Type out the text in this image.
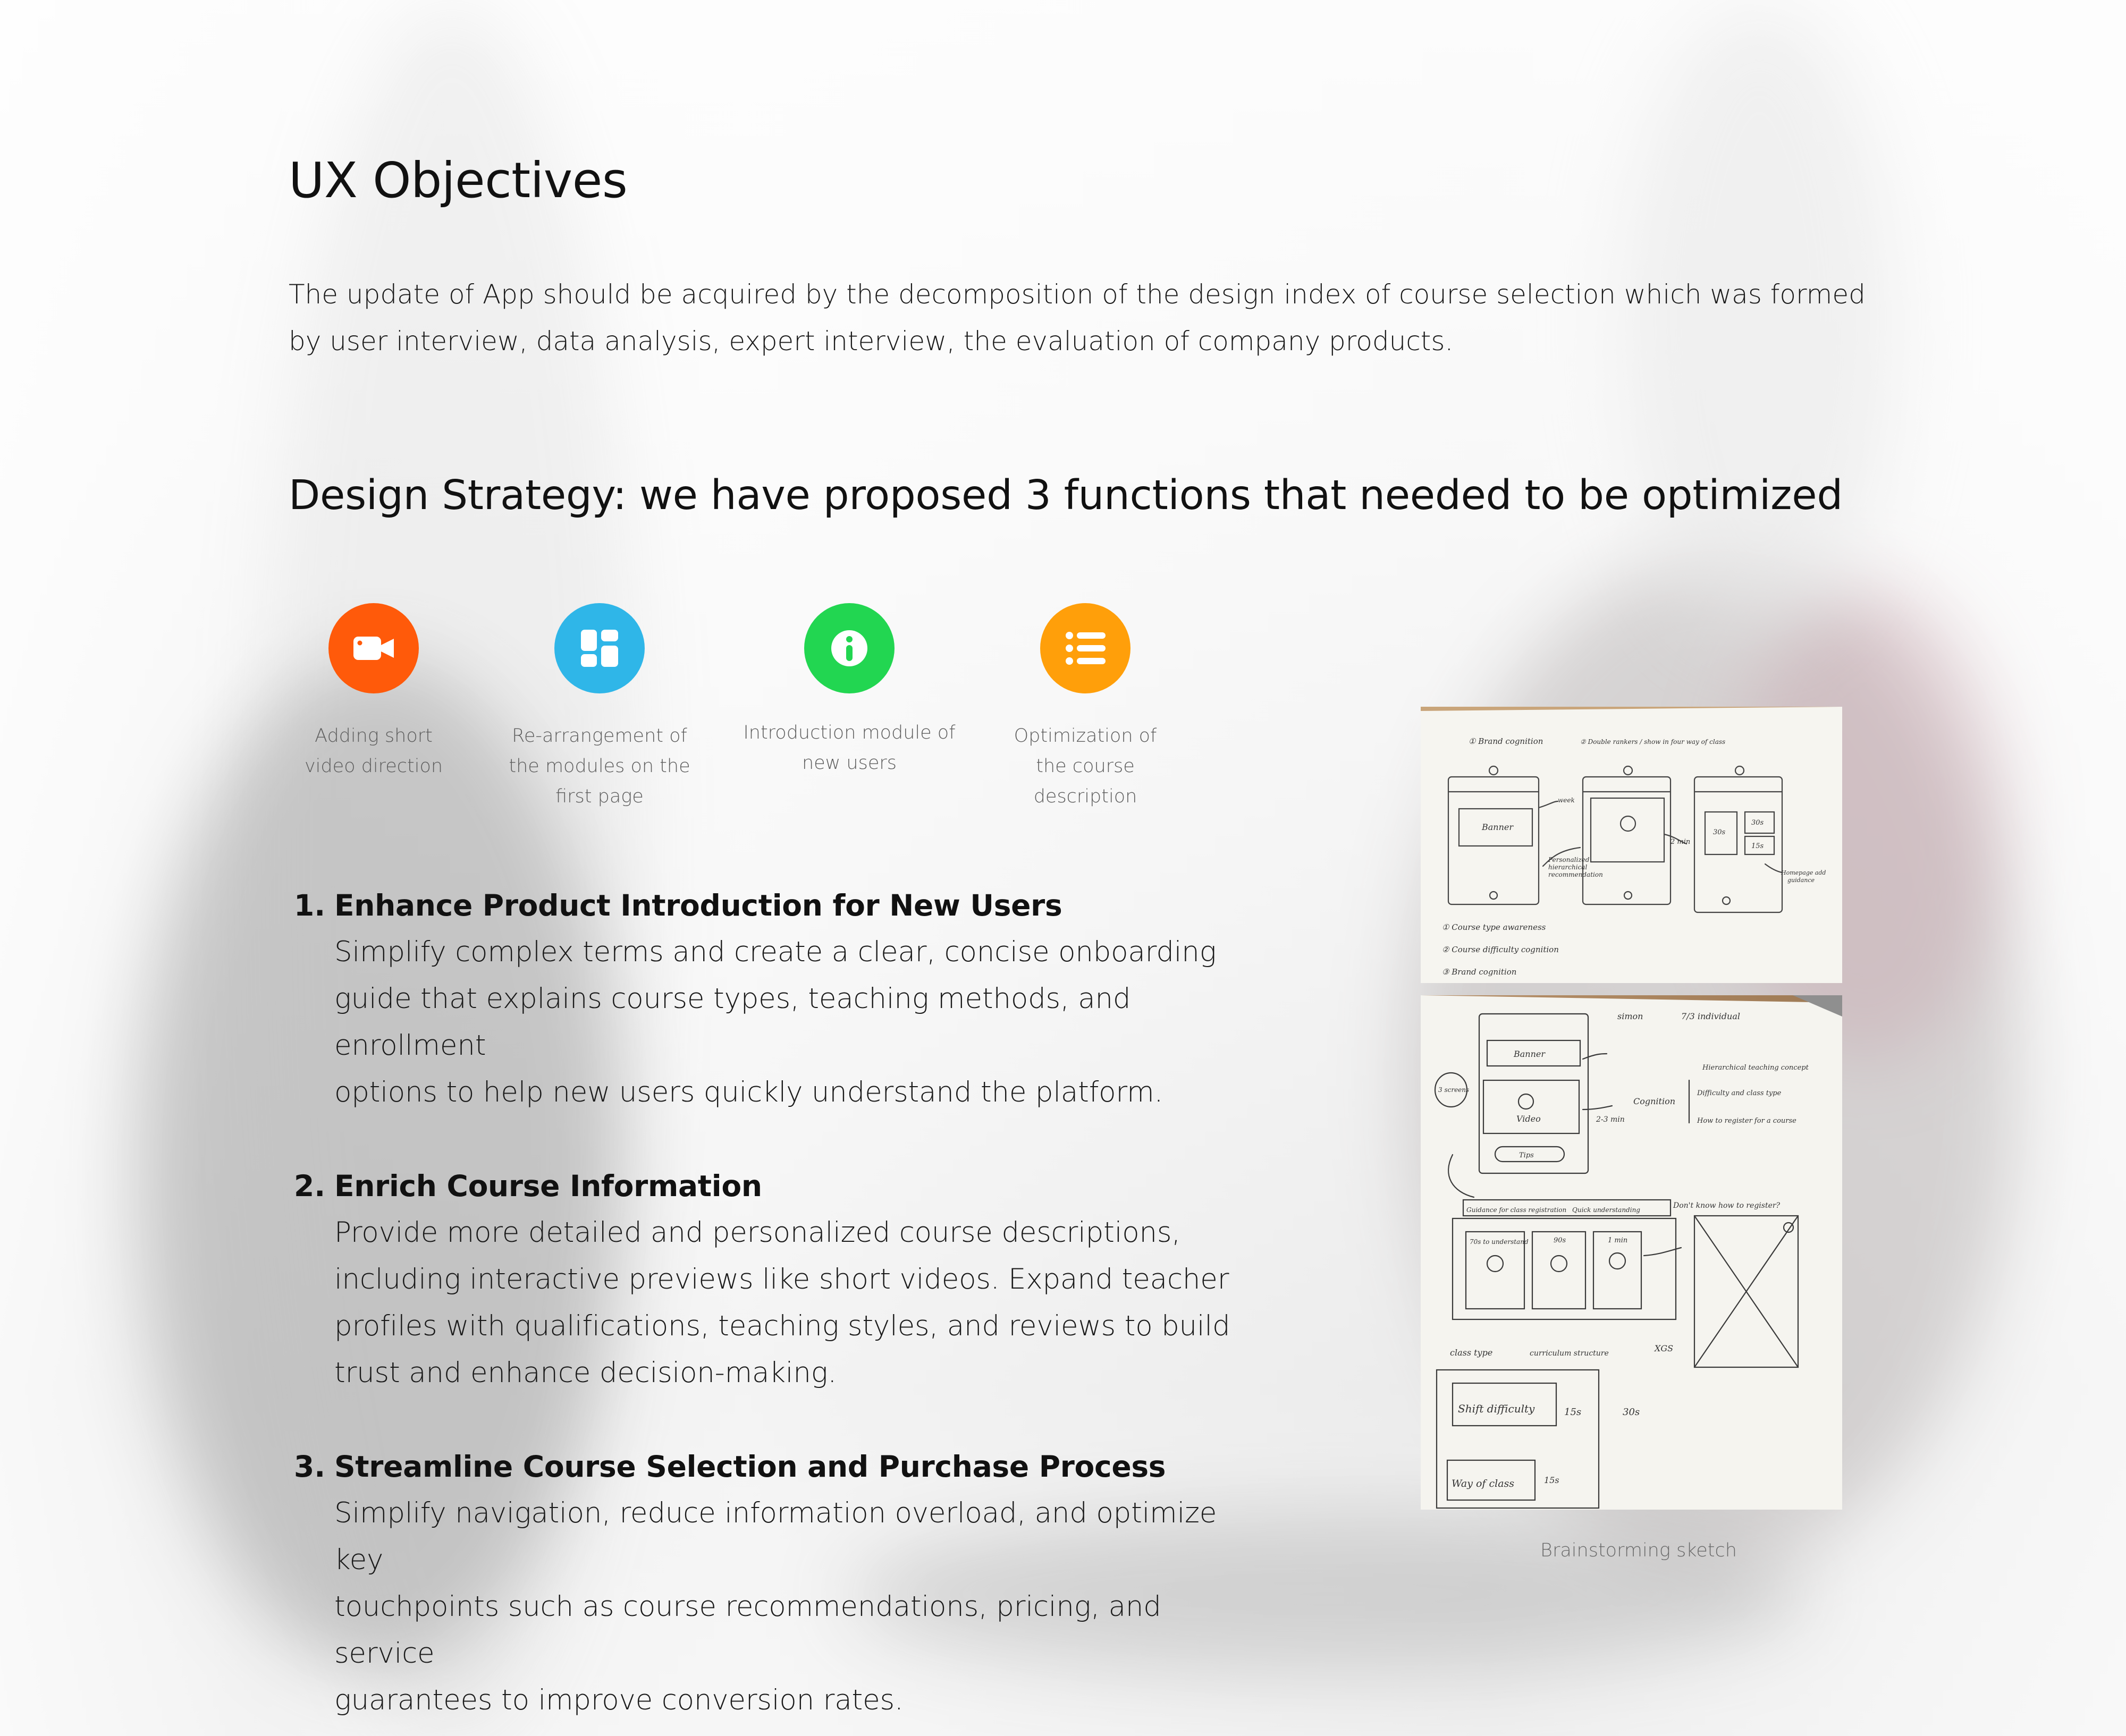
UX Objectives

The update of App should be acquired by the decomposition of the design index of course selection which was formed by user interview, data analysis, expert interview, the evaluation of company products.

Design Strategy: we have proposed 3 functions that needed to be optimized
Adding short
video direction
Re-arrangement of
the modules on the
first page
Introduction module of
new users
Optimization of
the course
description
1. Enhance Product Introduction for New Users
Simplify complex terms and create a clear, concise onboarding
guide that explains course types, teaching methods, and enrollment
options to help new users quickly understand the platform.
2. Enrich Course Information
Provide more detailed and personalized course descriptions,
including interactive previews like short videos. Expand teacher
profiles with qualifications, teaching styles, and reviews to build
trust and enhance decision-making.
3. Streamline Course Selection and Purchase Process
Simplify navigation, reduce information overload, and optimize key
touchpoints such as course recommendations, pricing, and service
guarantees to improve conversion rates.
① Brand cognition	② Double rankers / show in four way of class
Banner
week
Personalized
hierarchical
recommendation
2 min
30s
30s
15s
Homepage add
guidance
① Course type awareness
② Course difficulty cognition
③ Brand cognition
simon	7/3 individual
Banner
Video
Tips
3 screens
2-3 min
Cognition
Hierarchical teaching concept
Difficulty and class type
How to register for a course
Guidance for class registration Quick understanding	Don't know how to register?
70s to understand	90s	1 min
class type	curriculum structure	XGS
Shift difficulty	15s	30s
Way of class	15s
Brainstorming sketch
